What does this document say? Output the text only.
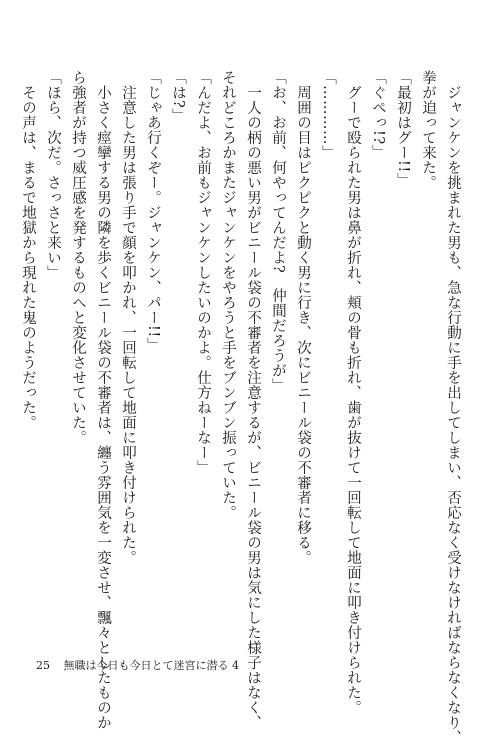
　ジャンケンを挑まれた男も、急な行動に手を出してしまい、否応なく受けなければならなくなり、

拳が迫って来た。

「最初はグー!!」

「ぐぺっ!?」

　グーで殴られた男は鼻が折れ、頬の骨も折れ、歯が抜けて一回転して地面に叩き付けられた。

「…………」

　周囲の目はピクピクと動く男に行き、次にビニール袋の不審者に移る。

「お、お前、何やってんだよ?　仲間だろうが」

　一人の柄の悪い男がビニール袋の不審者を注意するが、ビニール袋の男は気にした様子はなく、

それどころかまたジャンケンをやろうと手をブンブン振っていた。

「んだよ、お前もジャンケンしたいのかよ。仕方ねーなー」

「は?」

「じゃあ行くぞー。ジャンケン、パー!!」

　注意した男は張り手で顔を叩かれ、一回転して地面に叩き付けられた。

　小さく痙攣する男の隣を歩くビニール袋の不審者は、纏う雰囲気を一変させ、飄々としたものか

ら強者が持つ威圧感を発するものへと変化させていた。

「ほら、次だ。さっさと来い」

　その声は、まるで地獄から現れた鬼のようだった。

25 無職は今日も今日とて迷宮に潜る 4
